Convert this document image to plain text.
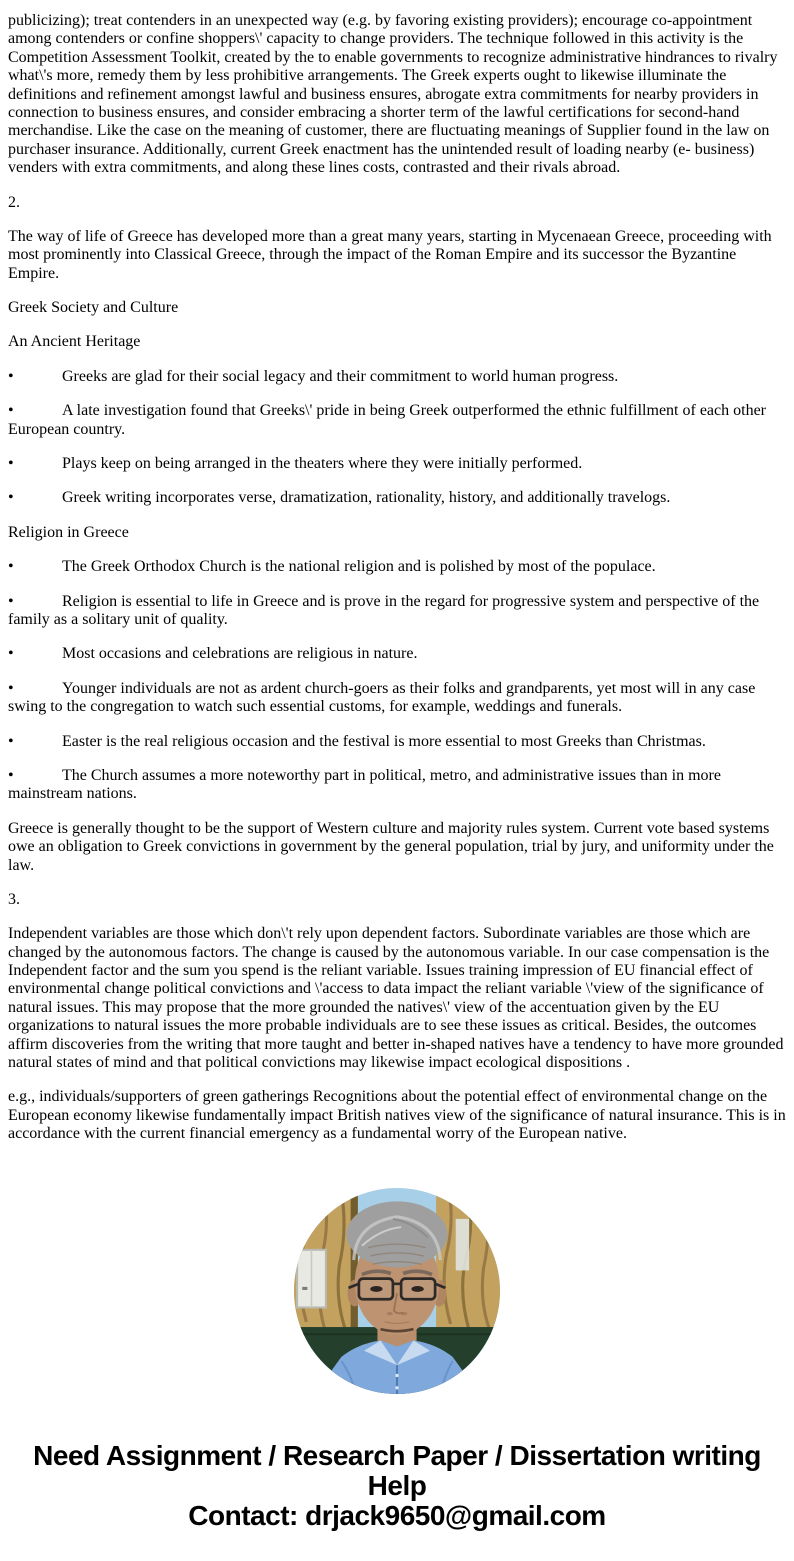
publicizing); treat contenders in an unexpected way (e.g. by favoring existing providers); encourage co-appointment among contenders or confine shoppers\' capacity to change providers. The technique followed in this activity is the Competition Assessment Toolkit, created by the to enable governments to recognize administrative hindrances to rivalry what\'s more, remedy them by less prohibitive arrangements. The Greek experts ought to likewise illuminate the definitions and refinement amongst lawful and business ensures, abrogate extra commitments for nearby providers in connection to business ensures, and consider embracing a shorter term of the lawful certifications for second-hand merchandise. Like the case on the meaning of customer, there are fluctuating meanings of Supplier found in the law on purchaser insurance. Additionally, current Greek enactment has the unintended result of loading nearby (e- business) venders with extra commitments, and along these lines costs, contrasted and their rivals abroad.

2.

The way of life of Greece has developed more than a great many years, starting in Mycenaean Greece, proceeding with most prominently into Classical Greece, through the impact of the Roman Empire and its successor the Byzantine Empire.

Greek Society and Culture

An Ancient Heritage

•	Greeks are glad for their social legacy and their commitment to world human progress.

•	A late investigation found that Greeks\' pride in being Greek outperformed the ethnic fulfillment of each other European country.

•	Plays keep on being arranged in the theaters where they were initially performed.

•	Greek writing incorporates verse, dramatization, rationality, history, and additionally travelogs.

Religion in Greece

•	The Greek Orthodox Church is the national religion and is polished by most of the populace.

•	Religion is essential to life in Greece and is prove in the regard for progressive system and perspective of the family as a solitary unit of quality.

•	Most occasions and celebrations are religious in nature.

•	Younger individuals are not as ardent church-goers as their folks and grandparents, yet most will in any case swing to the congregation to watch such essential customs, for example, weddings and funerals.

•	Easter is the real religious occasion and the festival is more essential to most Greeks than Christmas.

•	The Church assumes a more noteworthy part in political, metro, and administrative issues than in more mainstream nations.

Greece is generally thought to be the support of Western culture and majority rules system. Current vote based systems owe an obligation to Greek convictions in government by the general population, trial by jury, and uniformity under the law.

3.

Independent variables are those which don\'t rely upon dependent factors. Subordinate variables are those which are changed by the autonomous factors. The change is caused by the autonomous variable. In our case compensation is the Independent factor and the sum you spend is the reliant variable. Issues training impression of EU financial effect of environmental change political convictions and \'access to data impact the reliant variable \'view of the significance of natural issues. This may propose that the more grounded the natives\' view of the accentuation given by the EU organizations to natural issues the more probable individuals are to see these issues as critical. Besides, the outcomes affirm discoveries from the writing that more taught and better in-shaped natives have a tendency to have more grounded natural states of mind and that political convictions may likewise impact ecological dispositions .

e.g., individuals/supporters of green gatherings Recognitions about the potential effect of environmental change on the European economy likewise fundamentally impact British natives view of the significance of natural insurance. This is in accordance with the current financial emergency as a fundamental worry of the European native.

Need Assignment / Research Paper / Dissertation writing Help
Contact: drjack9650@gmail.com
